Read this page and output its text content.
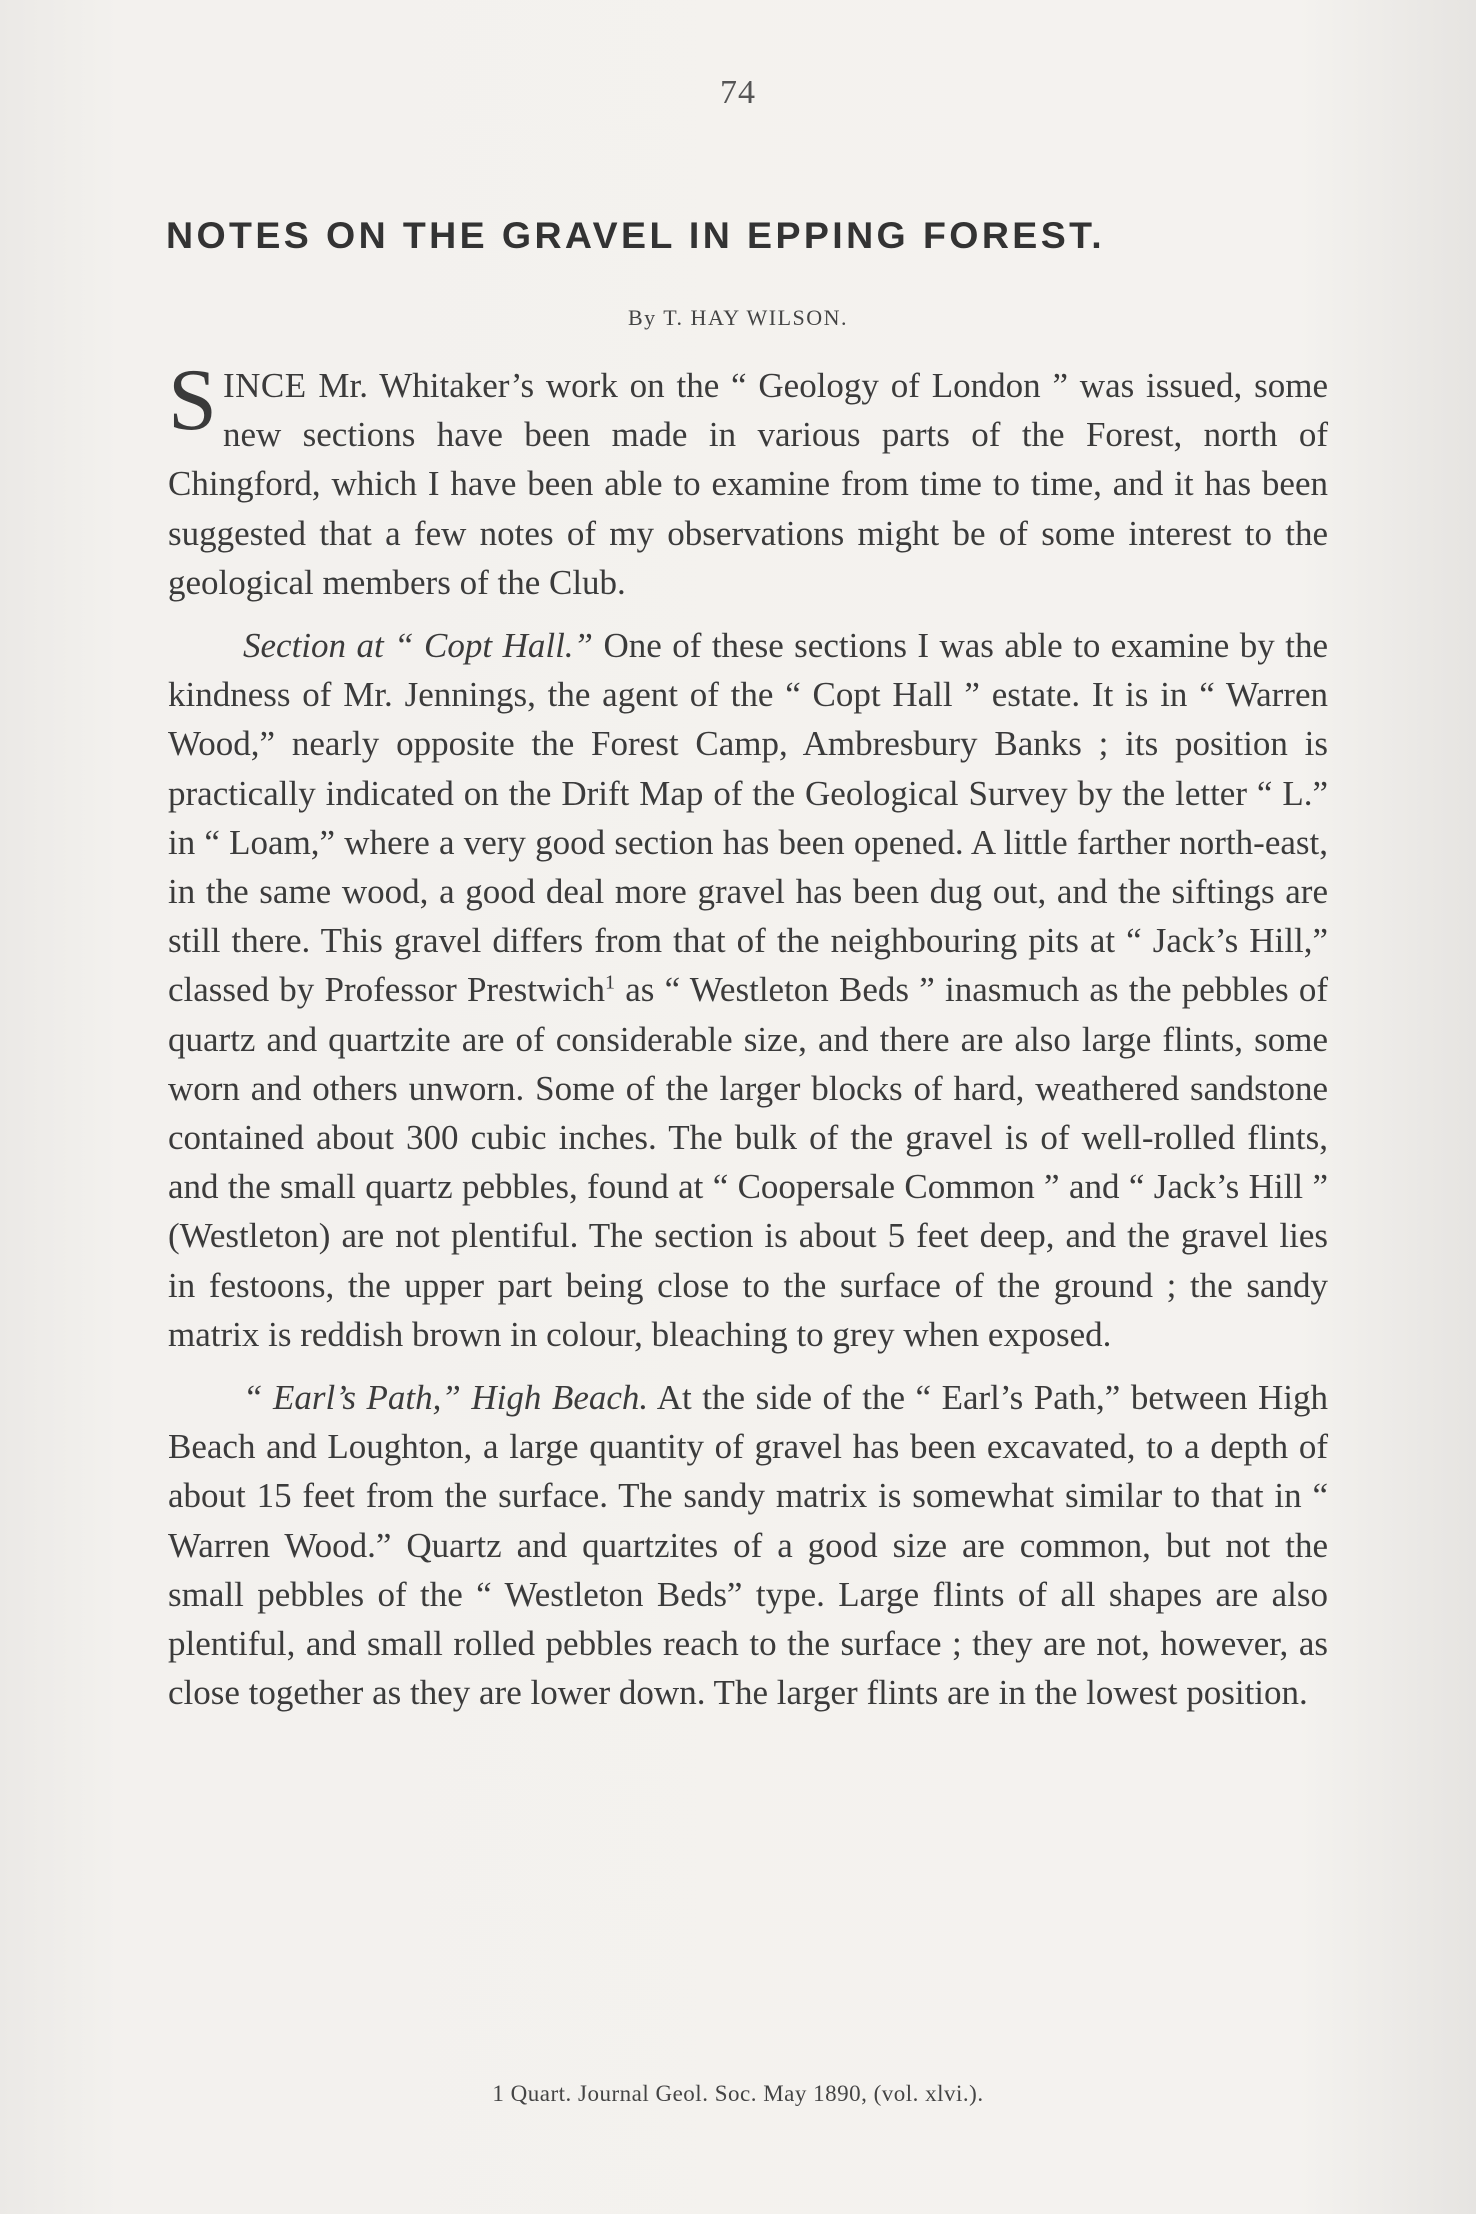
74
NOTES ON THE GRAVEL IN EPPING FOREST.
By T. HAY WILSON.

SINCE Mr. Whitaker’s work on the “ Geology of London ” was issued, some new sections have been made in various parts of the Forest, north of Chingford, which I have been able to examine from time to time, and it has been suggested that a few notes of my observations might be of some interest to the geological members of the Club.

Section at “ Copt Hall.” One of these sections I was able to examine by the kindness of Mr. Jennings, the agent of the “ Copt Hall ” estate. It is in “ Warren Wood,” nearly opposite the Forest Camp, Ambresbury Banks ; its position is practically indicated on the Drift Map of the Geological Survey by the letter “ L.” in “ Loam,” where a very good section has been opened. A little farther north-east, in the same wood, a good deal more gravel has been dug out, and the siftings are still there. This gravel differs from that of the neighbouring pits at “ Jack’s Hill,” classed by Professor Prestwich$^1$ as “ Westleton Beds ” inasmuch as the pebbles of quartz and quartzite are of considerable size, and there are also large flints, some worn and others unworn. Some of the larger blocks of hard, weathered sandstone contained about 300 cubic inches. The bulk of the gravel is of well-rolled flints, and the small quartz pebbles, found at “ Coopersale Common ” and “ Jack’s Hill ” (Westleton) are not plentiful. The section is about 5 feet deep, and the gravel lies in festoons, the upper part being close to the surface of the ground ; the sandy matrix is reddish brown in colour, bleaching to grey when exposed.

“ Earl’s Path,” High Beach. At the side of the “ Earl’s Path,” between High Beach and Loughton, a large quantity of gravel has been excavated, to a depth of about 15 feet from the surface. The sandy matrix is somewhat similar to that in “ Warren Wood.” Quartz and quartzites of a good size are common, but not the small pebbles of the “ Westleton Beds” type. Large flints of all shapes are also plentiful, and small rolled pebbles reach to the surface ; they are not, however, as close together as they are lower down. The larger flints are in the lowest position.

1 Quart. Journal Geol. Soc. May 1890, (vol. xlvi.).
